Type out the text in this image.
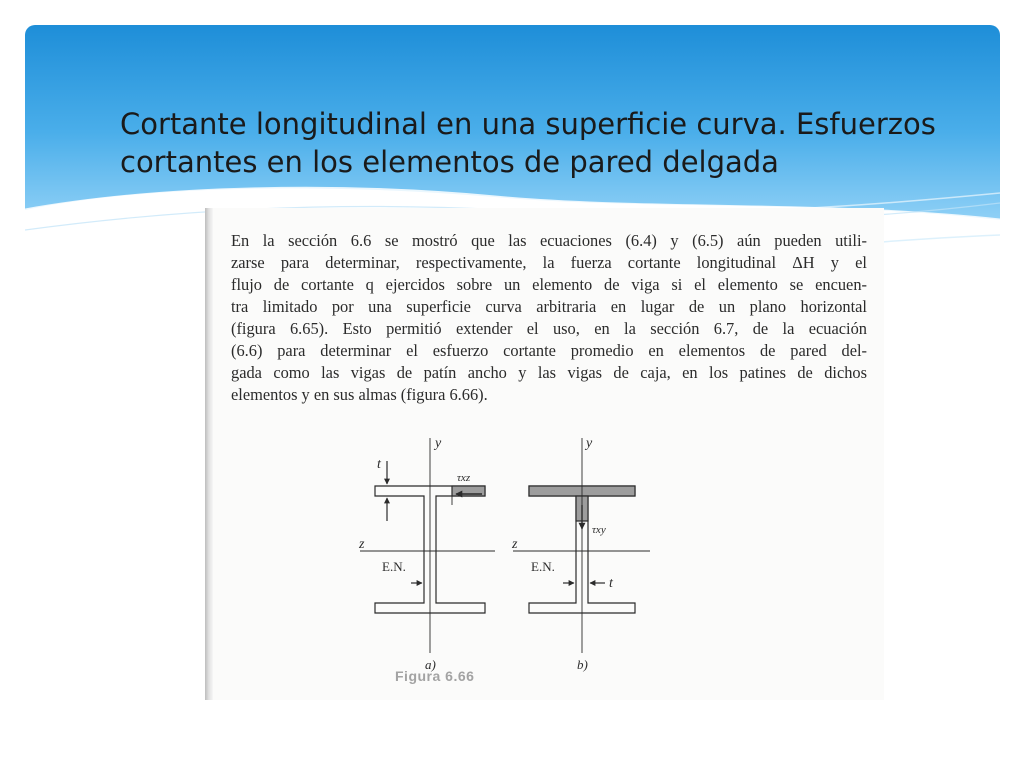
Cortante longitudinal en una superficie curva. Esfuerzos cortantes en los elementos de pared delgada

En la sección 6.6 se mostró que las ecuaciones (6.4) y (6.5) aún pueden utili-
zarse para determinar, respectivamente, la fuerza cortante longitudinal ΔH y el
flujo de cortante q ejercidos sobre un elemento de viga si el elemento se encuen-
tra limitado por una superficie curva arbitraria en lugar de un plano horizontal
(figura 6.65). Esto permitió extender el uso, en la sección 6.7, de la ecuación
(6.6) para determinar el esfuerzo cortante promedio en elementos de pared del-
gada como las vigas de patín ancho y las vigas de caja, en los patines de dichos
elementos y en sus almas (figura 6.66).

y
z
t
τxz
E.N.
a)
y
z
t
τxy
E.N.
b)
Figura 6.66
